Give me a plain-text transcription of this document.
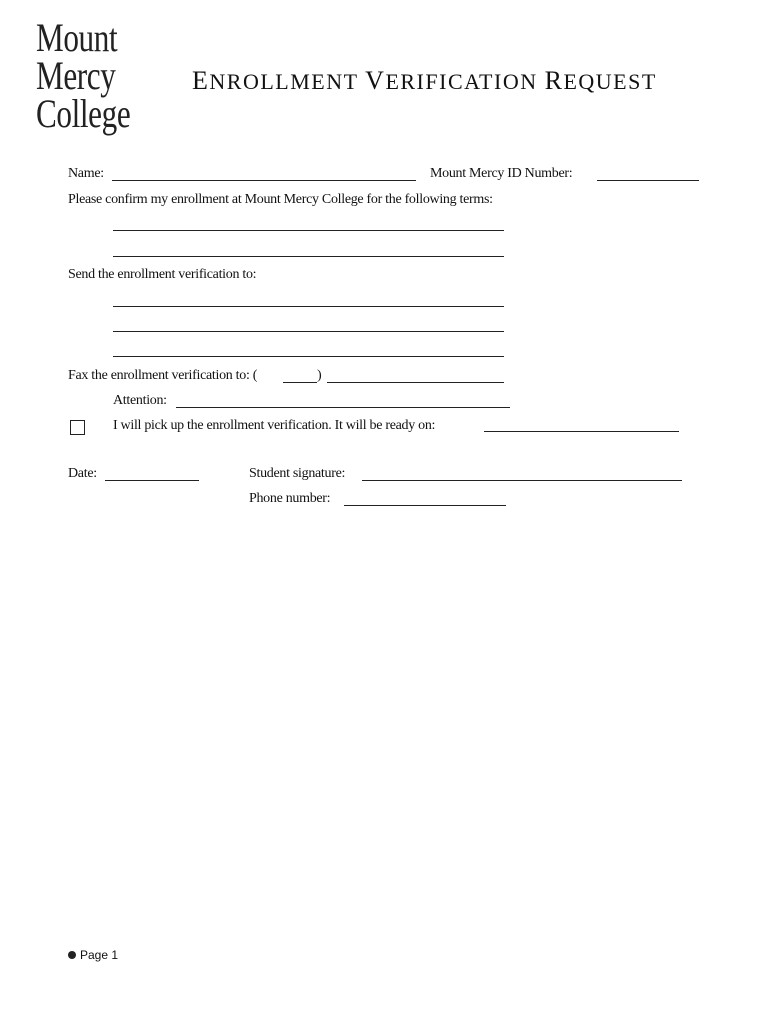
Mount
Mercy
College
ENROLLMENT VERIFICATION REQUEST
Name:	Mount Mercy ID Number:
Please confirm my enrollment at Mount Mercy College for the following terms:
Send the enrollment verification to:
Fax the enrollment verification to: (	)
Attention:
I will pick up the enrollment verification. It will be ready on:
Date:	Student signature:
Phone number:
Page 1
